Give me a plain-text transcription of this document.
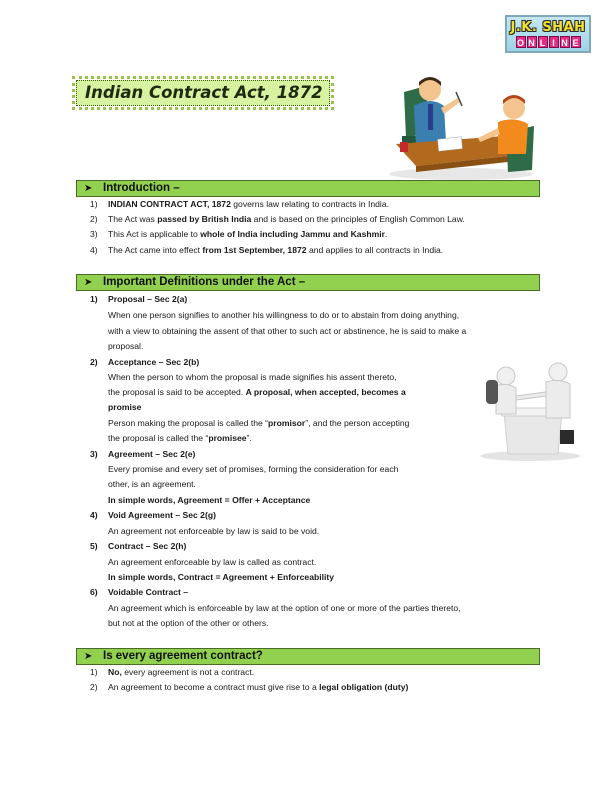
J.K. SHAH
O N L I N E
Indian Contract Act, 1872
➤ Introduction –
1) INDIAN CONTRACT ACT, 1872 governs law relating to contracts in India.
2) The Act was passed by British India and is based on the principles of English Common Law.
3) This Act is applicable to whole of India including Jammu and Kashmir.
4) The Act came into effect from 1st September, 1872 and applies to all contracts in India.
➤ Important Definitions under the Act –
1) Proposal – Sec 2(a)
When one person signifies to another his willingness to do or to abstain from doing anything,
with a view to obtaining the assent of that other to such act or abstinence, he is said to make a
proposal.
2) Acceptance – Sec 2(b)
When the person to whom the proposal is made signifies his assent thereto,
the proposal is said to be accepted. A proposal, when accepted, becomes a
promise
Person making the proposal is called the “promisor”, and the person accepting
the proposal is called the “promisee”.
3) Agreement – Sec 2(e)
Every promise and every set of promises, forming the consideration for each
other, is an agreement.
In simple words, Agreement = Offer + Acceptance
4) Void Agreement – Sec 2(g)
An agreement not enforceable by law is said to be void.
5) Contract – Sec 2(h)
An agreement enforceable by law is called as contract.
In simple words, Contract = Agreement + Enforceability
6) Voidable Contract –
An agreement which is enforceable by law at the option of one or more of the parties thereto,
but not at the option of the other or others.
➤ Is every agreement contract?
1) No, every agreement is not a contract.
2) An agreement to become a contract must give rise to a legal obligation (duty)
